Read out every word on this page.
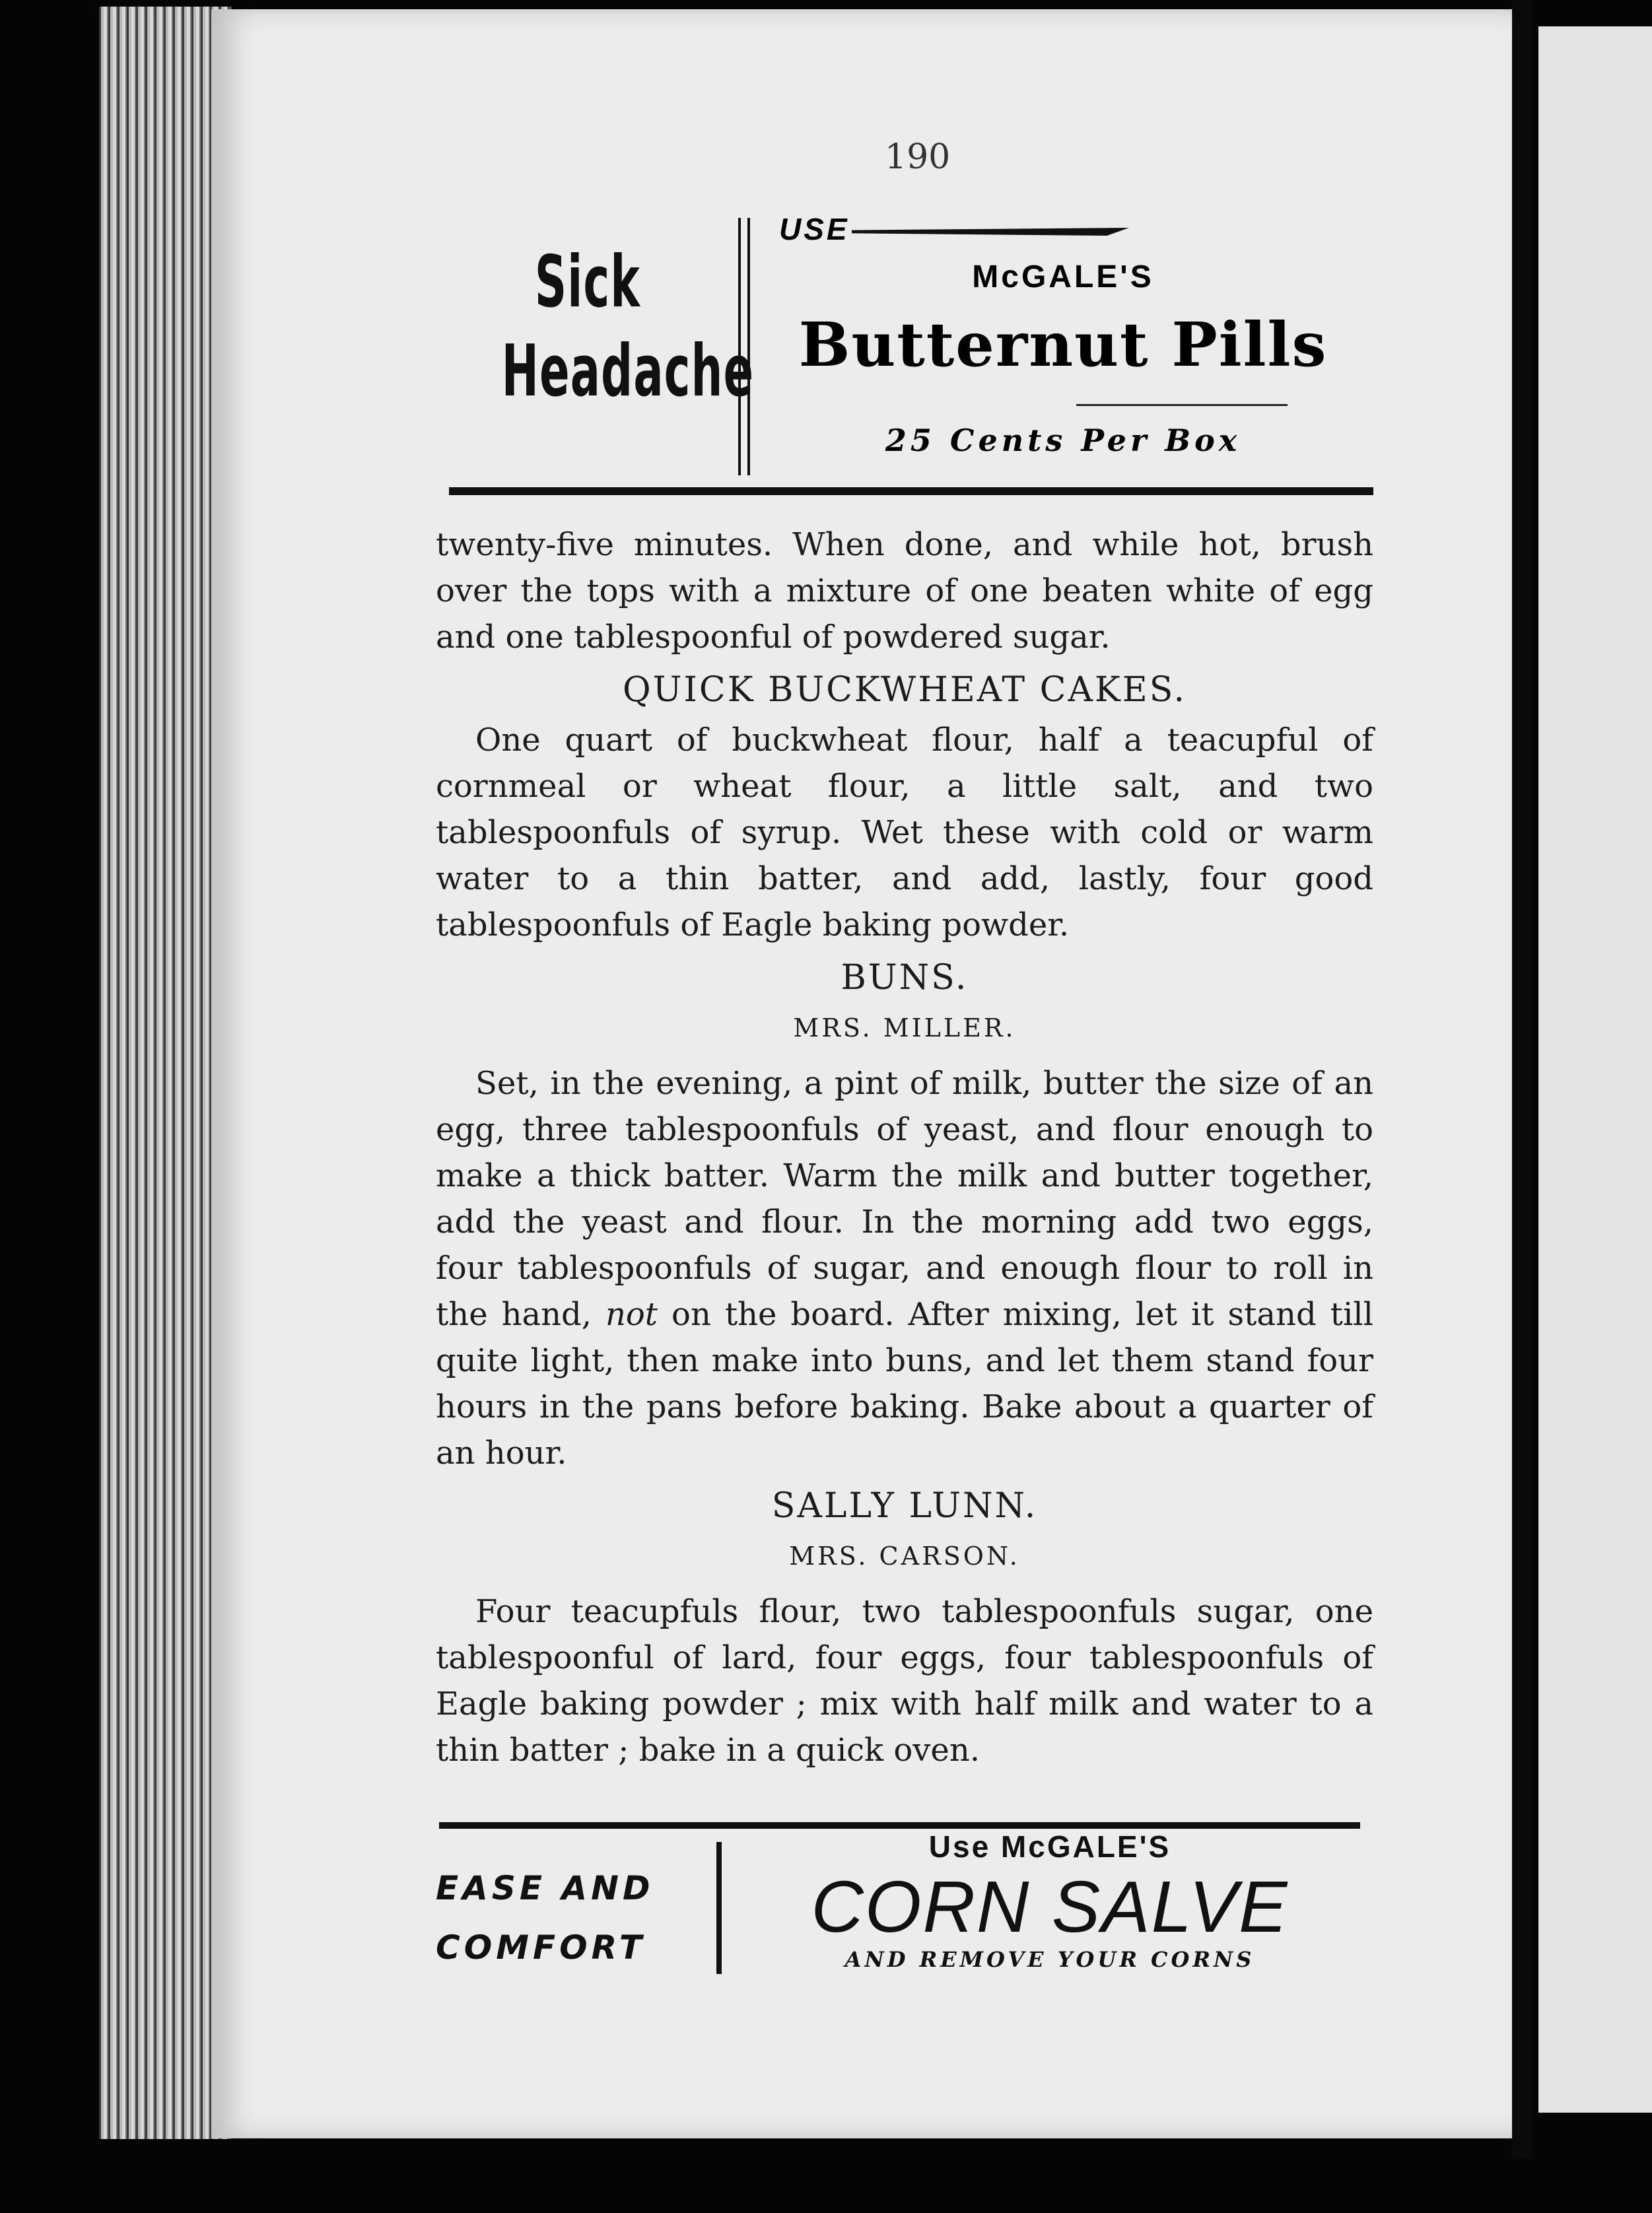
190
Sick
Headache
USE
McGALE'S
Butternut Pills
25 Cents Per Box

twenty-five minutes. When done, and while hot, brush over the tops with a mixture of one beaten white of egg and one tablespoonful of powdered sugar.

QUICK BUCKWHEAT CAKES.

One quart of buckwheat flour, half a teacupful of cornmeal or wheat flour, a little salt, and two tablespoonfuls of syrup. Wet these with cold or warm water to a thin batter, and add, lastly, four good tablespoonfuls of Eagle baking powder.

BUNS.
MRS. MILLER.

Set, in the evening, a pint of milk, butter the size of an egg, three tablespoonfuls of yeast, and flour enough to make a thick batter. Warm the milk and butter together, add the yeast and flour. In the morning add two eggs, four tablespoonfuls of sugar, and enough flour to roll in the hand, not on the board. After mixing, let it stand till quite light, then make into buns, and let them stand four hours in the pans before baking. Bake about a quarter of an hour.

SALLY LUNN.
MRS. CARSON.

Four teacupfuls flour, two tablespoonfuls sugar, one tablespoonful of lard, four eggs, four tablespoonfuls of Eagle baking powder ; mix with half milk and water to a thin batter ; bake in a quick oven.

EASE AND
COMFORT
Use McGALE'S
CORN SALVE
AND REMOVE YOUR CORNS
